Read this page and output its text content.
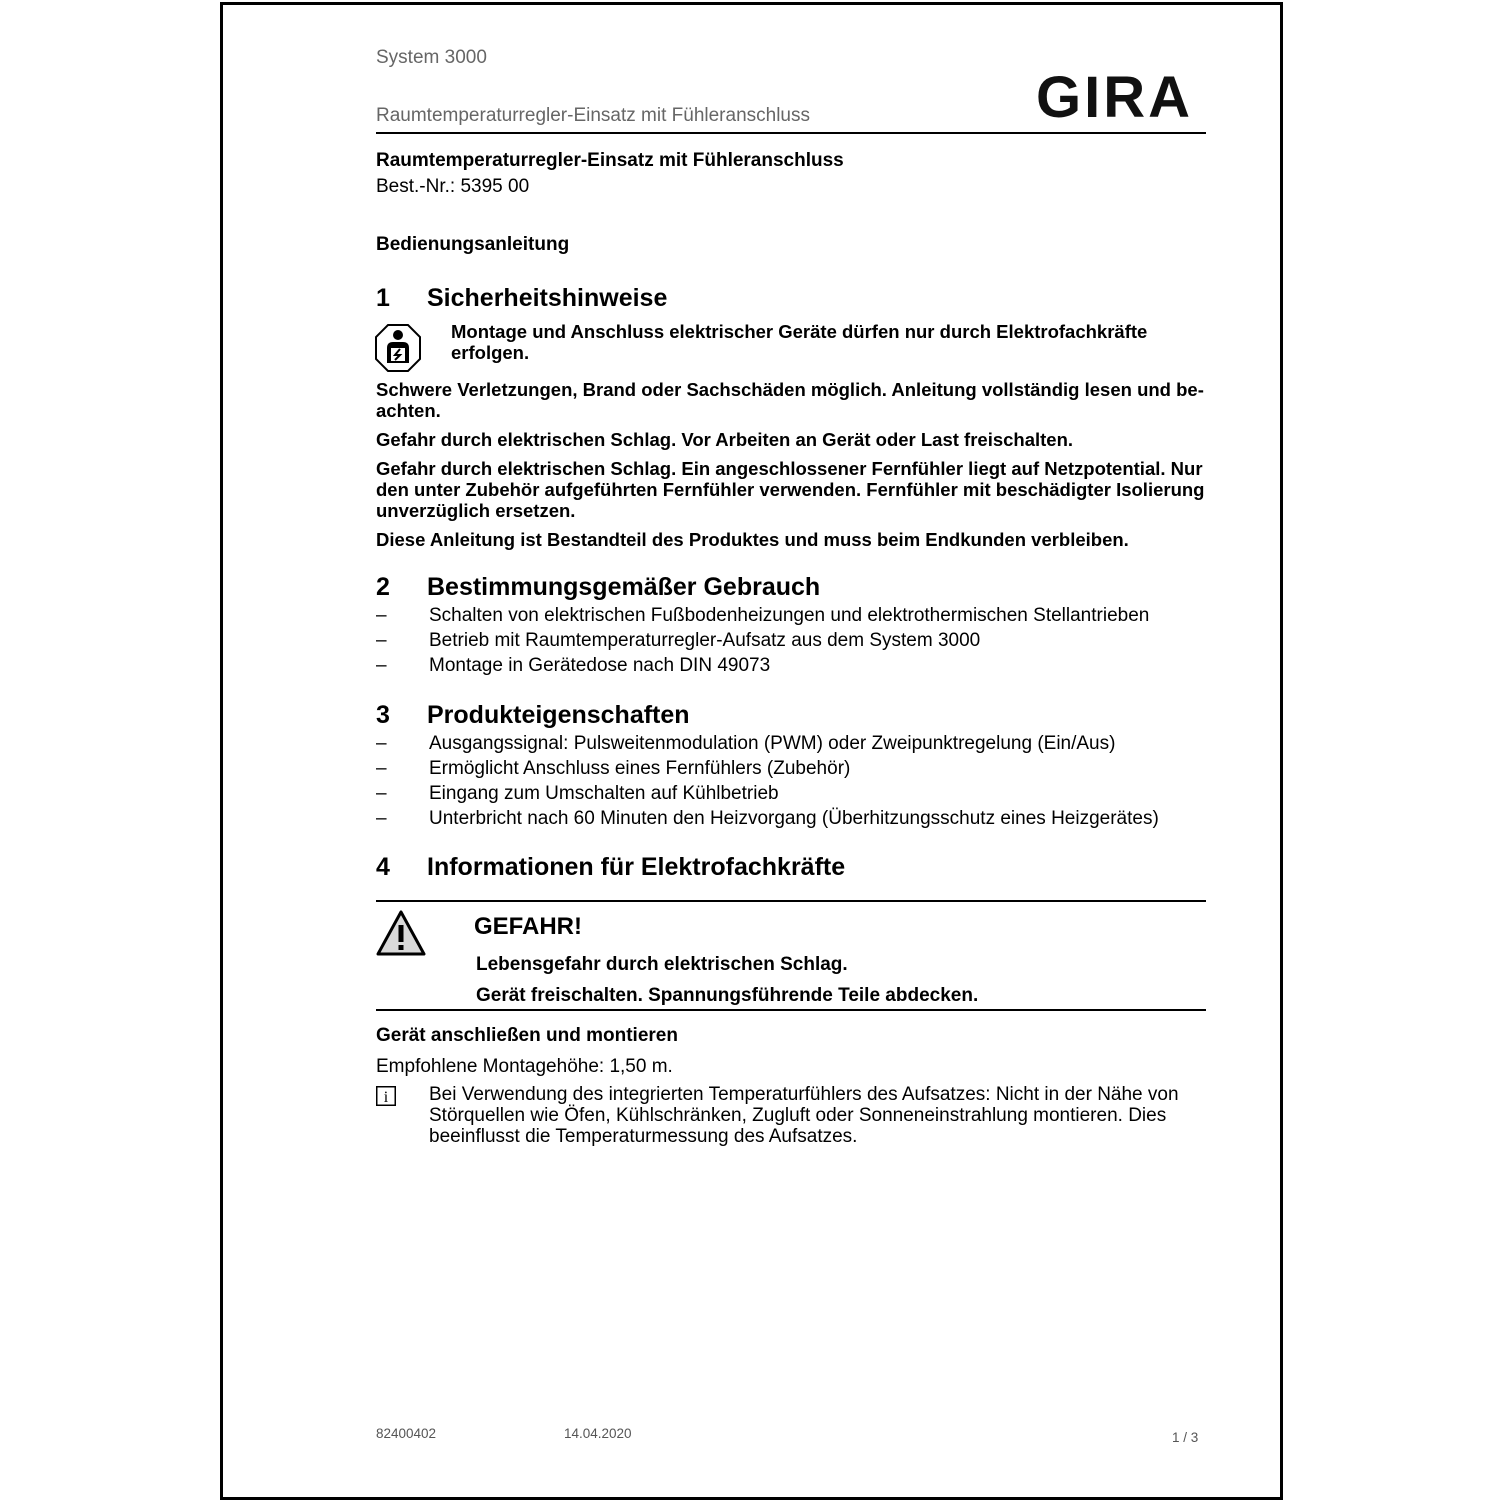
System 3000
Raumtemperaturregler-Einsatz mit Fühleranschluss	GIRA
Raumtemperaturregler-Einsatz mit Fühleranschluss
Best.-Nr.: 5395 00
Bedienungsanleitung
1 Sicherheitshinweise
Montage und Anschluss elektrischer Geräte dürfen nur durch Elektrofachkräfte erfolgen.
Schwere Verletzungen, Brand oder Sachschäden möglich. Anleitung vollständig lesen und be-achten.
Gefahr durch elektrischen Schlag. Vor Arbeiten an Gerät oder Last freischalten.
Gefahr durch elektrischen Schlag. Ein angeschlossener Fernfühler liegt auf Netzpotential. Nur den unter Zubehör aufgeführten Fernfühler verwenden. Fernfühler mit beschädigter Isolierung unverzüglich ersetzen.
Diese Anleitung ist Bestandteil des Produktes und muss beim Endkunden verbleiben.
2 Bestimmungsgemäßer Gebrauch
– Schalten von elektrischen Fußbodenheizungen und elektrothermischen Stellantrieben
– Betrieb mit Raumtemperaturregler-Aufsatz aus dem System 3000
– Montage in Gerätedose nach DIN 49073
3 Produkteigenschaften
– Ausgangssignal: Pulsweitenmodulation (PWM) oder Zweipunktregelung (Ein/Aus)
– Ermöglicht Anschluss eines Fernfühlers (Zubehör)
– Eingang zum Umschalten auf Kühlbetrieb
– Unterbricht nach 60 Minuten den Heizvorgang (Überhitzungsschutz eines Heizgerätes)
4 Informationen für Elektrofachkräfte
GEFAHR!
Lebensgefahr durch elektrischen Schlag.
Gerät freischalten. Spannungsführende Teile abdecken.
Gerät anschließen und montieren
Empfohlene Montagehöhe: 1,50 m.
i Bei Verwendung des integrierten Temperaturfühlers des Aufsatzes: Nicht in der Nähe von Störquellen wie Öfen, Kühlschränken, Zugluft oder Sonneneinstrahlung montieren. Dies beeinflusst die Temperaturmessung des Aufsatzes.
82400402	14.04.2020	1 / 3
